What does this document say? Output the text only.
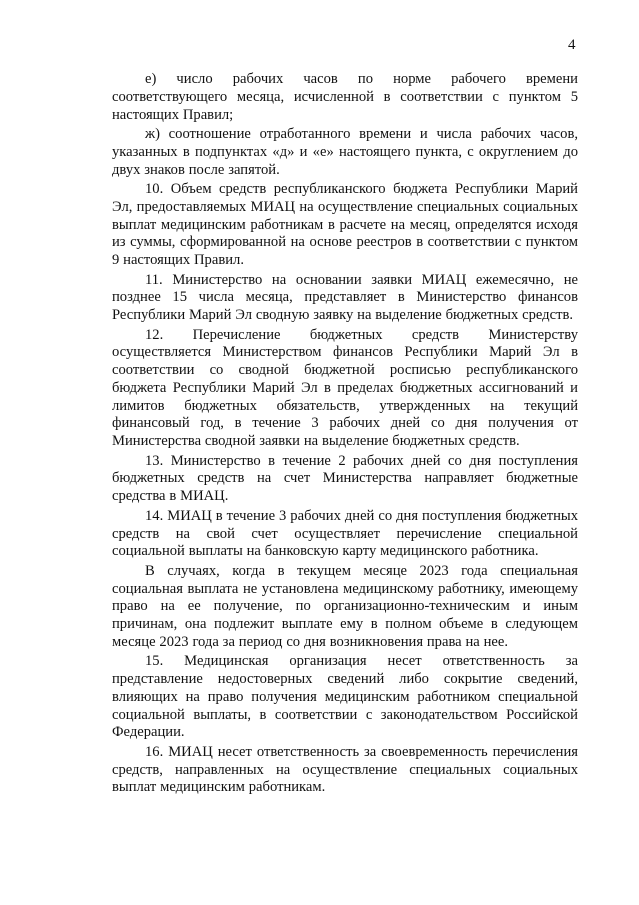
4

е) число рабочих часов по норме рабочего времени соответствующего месяца, исчисленной в соответствии с пунктом 5 настоящих Правил;

ж) соотношение отработанного времени и числа рабочих часов, указанных в подпунктах «д» и «е» настоящего пункта, с округлением до двух знаков после запятой.

10. Объем средств республиканского бюджета Республики Марий Эл, предоставляемых МИАЦ на осуществление специальных социальных выплат медицинским работникам в расчете на месяц, определятся исходя из суммы, сформированной на основе реестров в соответствии с пунктом 9 настоящих Правил.

11. Министерство на основании заявки МИАЦ ежемесячно, не позднее 15 числа месяца, представляет в Министерство финансов Республики Марий Эл сводную заявку на выделение бюджетных средств.

12. Перечисление бюджетных средств Министерству осуществляется Министерством финансов Республики Марий Эл в соответствии со сводной бюджетной росписью республиканского бюджета Республики Марий Эл в пределах бюджетных ассигнований и лимитов бюджетных обязательств, утвержденных на текущий финансовый год, в течение 3 рабочих дней со дня получения от Министерства сводной заявки на выделение бюджетных средств.

13. Министерство в течение 2 рабочих дней со дня поступления бюджетных средств на счет Министерства направляет бюджетные средства в МИАЦ.

14. МИАЦ в течение 3 рабочих дней со дня поступления бюджетных средств на свой счет осуществляет перечисление специальной социальной выплаты на банковскую карту медицинского работника.

В случаях, когда в текущем месяце 2023 года специальная социальная выплата не установлена медицинскому работнику, имеющему право на ее получение, по организационно-техническим и иным причинам, она подлежит выплате ему в полном объеме в следующем месяце 2023 года за период со дня возникновения права на нее.

15. Медицинская организация несет ответственность за представление недостоверных сведений либо сокрытие сведений, влияющих на право получения медицинским работником специальной социальной выплаты, в соответствии с законодательством Российской Федерации.

16. МИАЦ несет ответственность за своевременность перечисления средств, направленных на осуществление специальных социальных выплат медицинским работникам.
